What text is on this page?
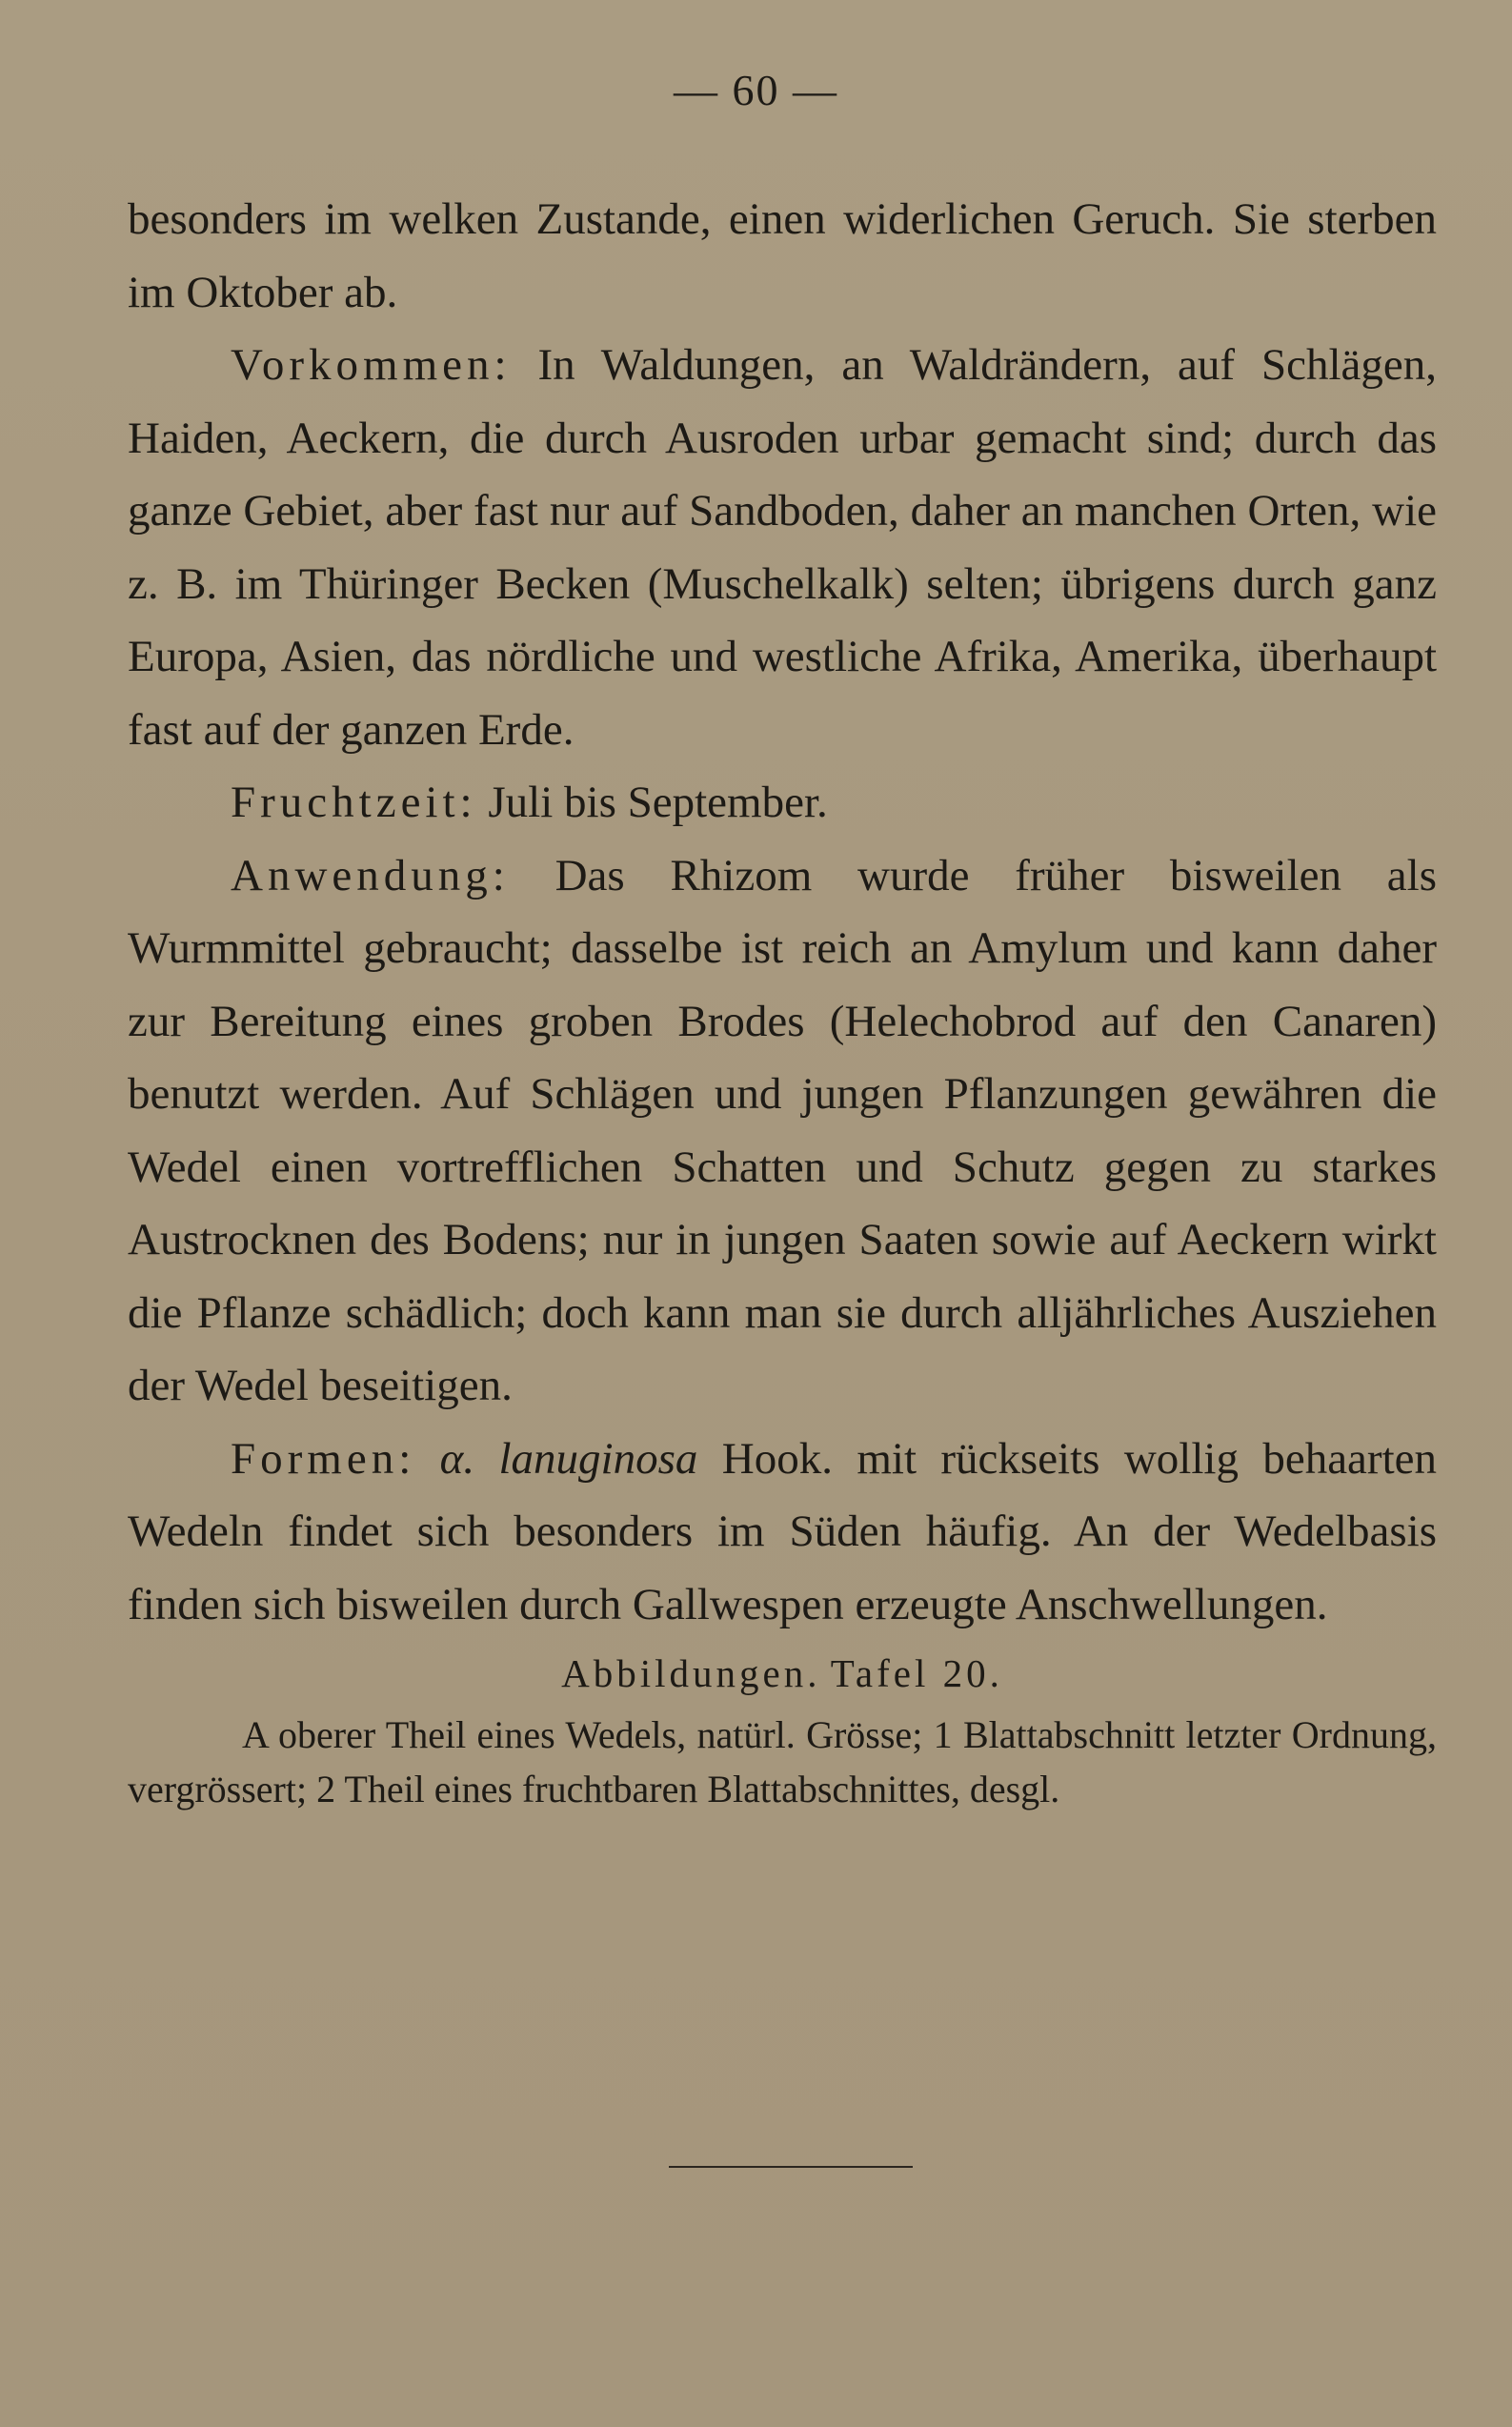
— 60 —

besonders im welken Zustande, einen widerlichen Geruch. Sie sterben im Oktober ab.

Vorkommen: In Waldungen, an Waldrändern, auf Schlägen, Haiden, Aeckern, die durch Ausroden urbar gemacht sind; durch das ganze Gebiet, aber fast nur auf Sandboden, daher an manchen Orten, wie z. B. im Thüringer Becken (Muschelkalk) selten; übrigens durch ganz Europa, Asien, das nördliche und westliche Afrika, Amerika, überhaupt fast auf der ganzen Erde.

Fruchtzeit: Juli bis September.

Anwendung: Das Rhizom wurde früher bisweilen als Wurmmittel gebraucht; dasselbe ist reich an Amylum und kann daher zur Bereitung eines groben Brodes (Helechobrod auf den Canaren) benutzt werden. Auf Schlägen und jungen Pflanzungen gewähren die Wedel einen vortrefflichen Schatten und Schutz gegen zu starkes Austrocknen des Bodens; nur in jungen Saaten sowie auf Aeckern wirkt die Pflanze schädlich; doch kann man sie durch alljährliches Ausziehen der Wedel beseitigen.

Formen: α. lanuginosa Hook. mit rückseits wollig behaarten Wedeln findet sich besonders im Süden häufig. An der Wedelbasis finden sich bisweilen durch Gallwespen erzeugte Anschwellungen.

Abbildungen. Tafel 20.

A oberer Theil eines Wedels, natürl. Grösse; 1 Blattabschnitt letzter Ordnung, vergrössert; 2 Theil eines fruchtbaren Blattabschnittes, desgl.
